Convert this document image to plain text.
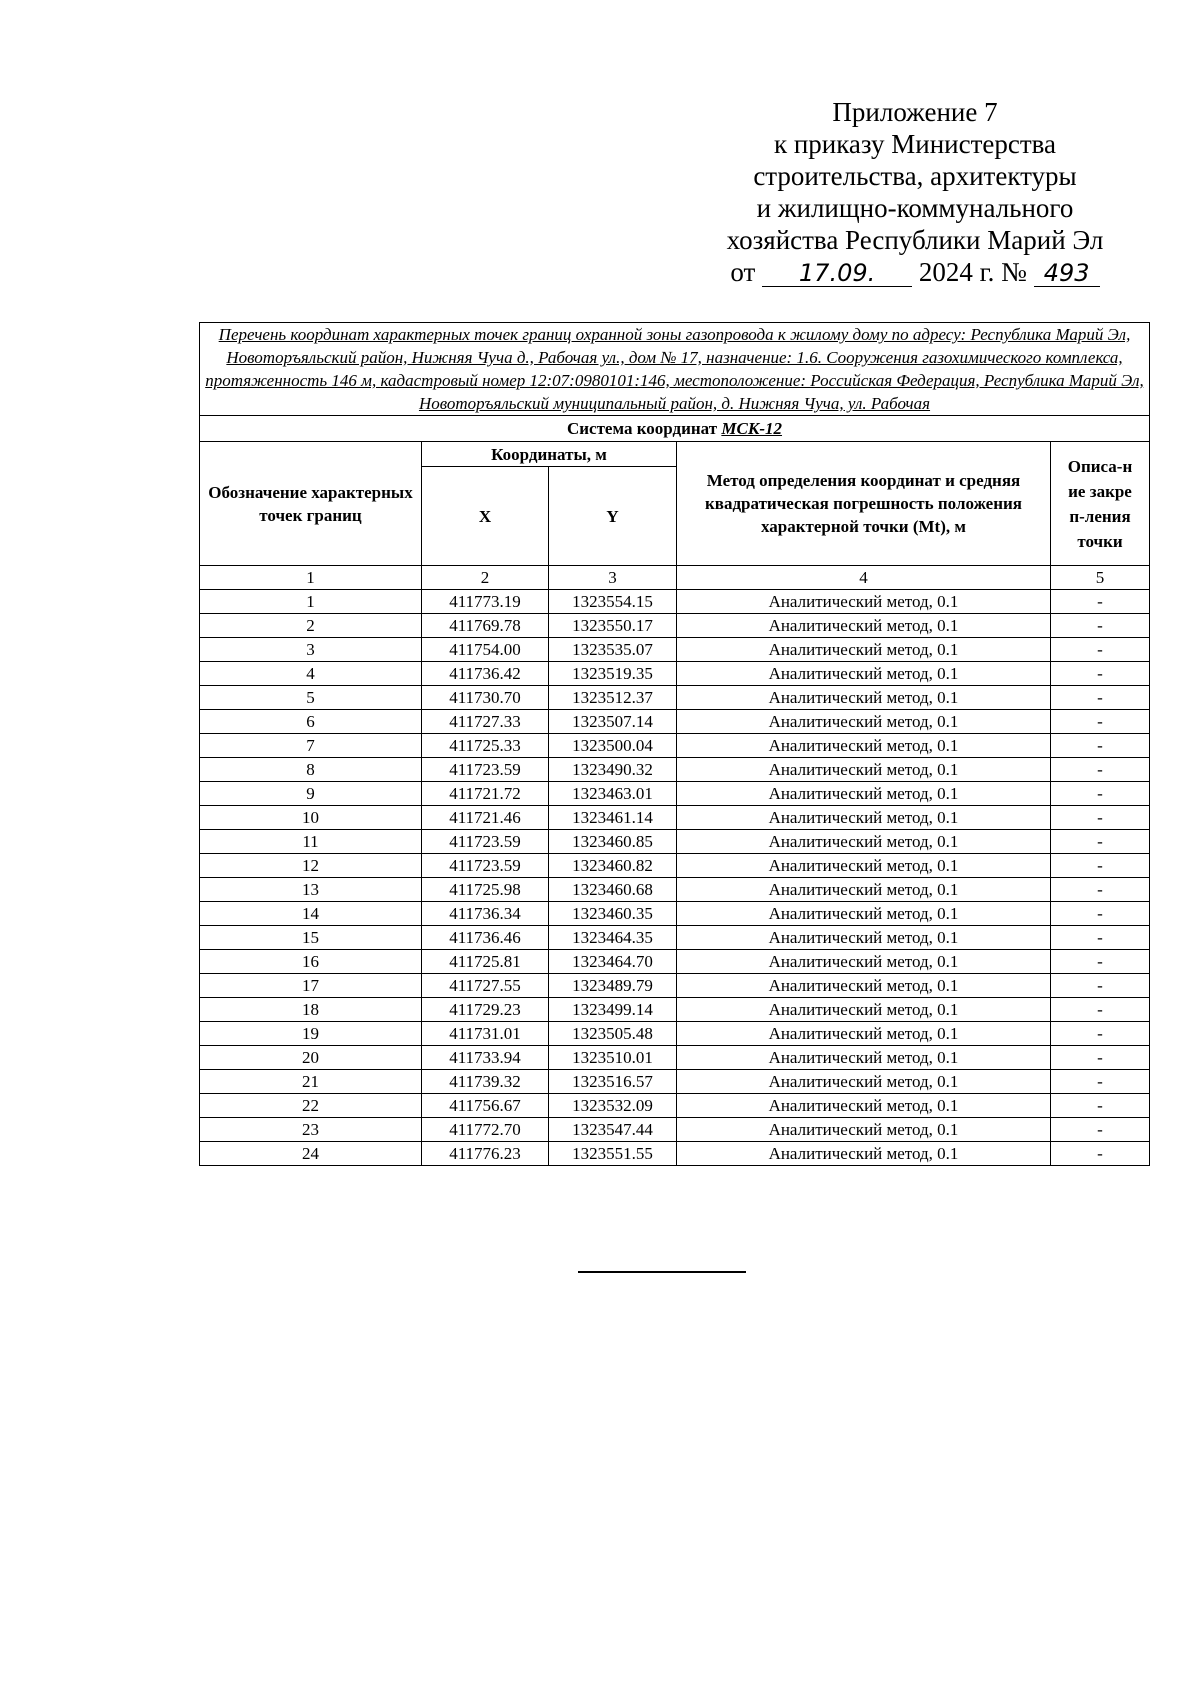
Приложение 7
к приказу Министерства
строительства, архитектуры
и жилищно-коммунального
хозяйства Республики Марий Эл
от 17.09. 2024 г. № 493
Перечень координат характерных точек границ охранной зоны газопровода к жилому дому по адресу: Республика Марий Эл, Новоторъяльский район, Нижняя Чуча д., Рабочая ул., дом № 17, назначение: 1.6. Сооружения газохимического комплекса, протяженность 146 м, кадастровый номер 12:07:0980101:146, местоположение: Российская Федерация, Республика Марий Эл, Новоторъяльский муниципальный район, д. Нижняя Чуча, ул. Рабочая				
Система координат МСК-12				
Обозначение характерных точек границ	Координаты, м		Метод определения координат и средняя квадратическая погрешность положения характерной точки (Mt), м	Описа-ние закреп-ления точки
	X	Y		
1	2	3	4	5
1	411773.19	1323554.15	Аналитический метод, 0.1	-
2	411769.78	1323550.17	Аналитический метод, 0.1	-
3	411754.00	1323535.07	Аналитический метод, 0.1	-
4	411736.42	1323519.35	Аналитический метод, 0.1	-
5	411730.70	1323512.37	Аналитический метод, 0.1	-
6	411727.33	1323507.14	Аналитический метод, 0.1	-
7	411725.33	1323500.04	Аналитический метод, 0.1	-
8	411723.59	1323490.32	Аналитический метод, 0.1	-
9	411721.72	1323463.01	Аналитический метод, 0.1	-
10	411721.46	1323461.14	Аналитический метод, 0.1	-
11	411723.59	1323460.85	Аналитический метод, 0.1	-
12	411723.59	1323460.82	Аналитический метод, 0.1	-
13	411725.98	1323460.68	Аналитический метод, 0.1	-
14	411736.34	1323460.35	Аналитический метод, 0.1	-
15	411736.46	1323464.35	Аналитический метод, 0.1	-
16	411725.81	1323464.70	Аналитический метод, 0.1	-
17	411727.55	1323489.79	Аналитический метод, 0.1	-
18	411729.23	1323499.14	Аналитический метод, 0.1	-
19	411731.01	1323505.48	Аналитический метод, 0.1	-
20	411733.94	1323510.01	Аналитический метод, 0.1	-
21	411739.32	1323516.57	Аналитический метод, 0.1	-
22	411756.67	1323532.09	Аналитический метод, 0.1	-
23	411772.70	1323547.44	Аналитический метод, 0.1	-
24	411776.23	1323551.55	Аналитический метод, 0.1	-
